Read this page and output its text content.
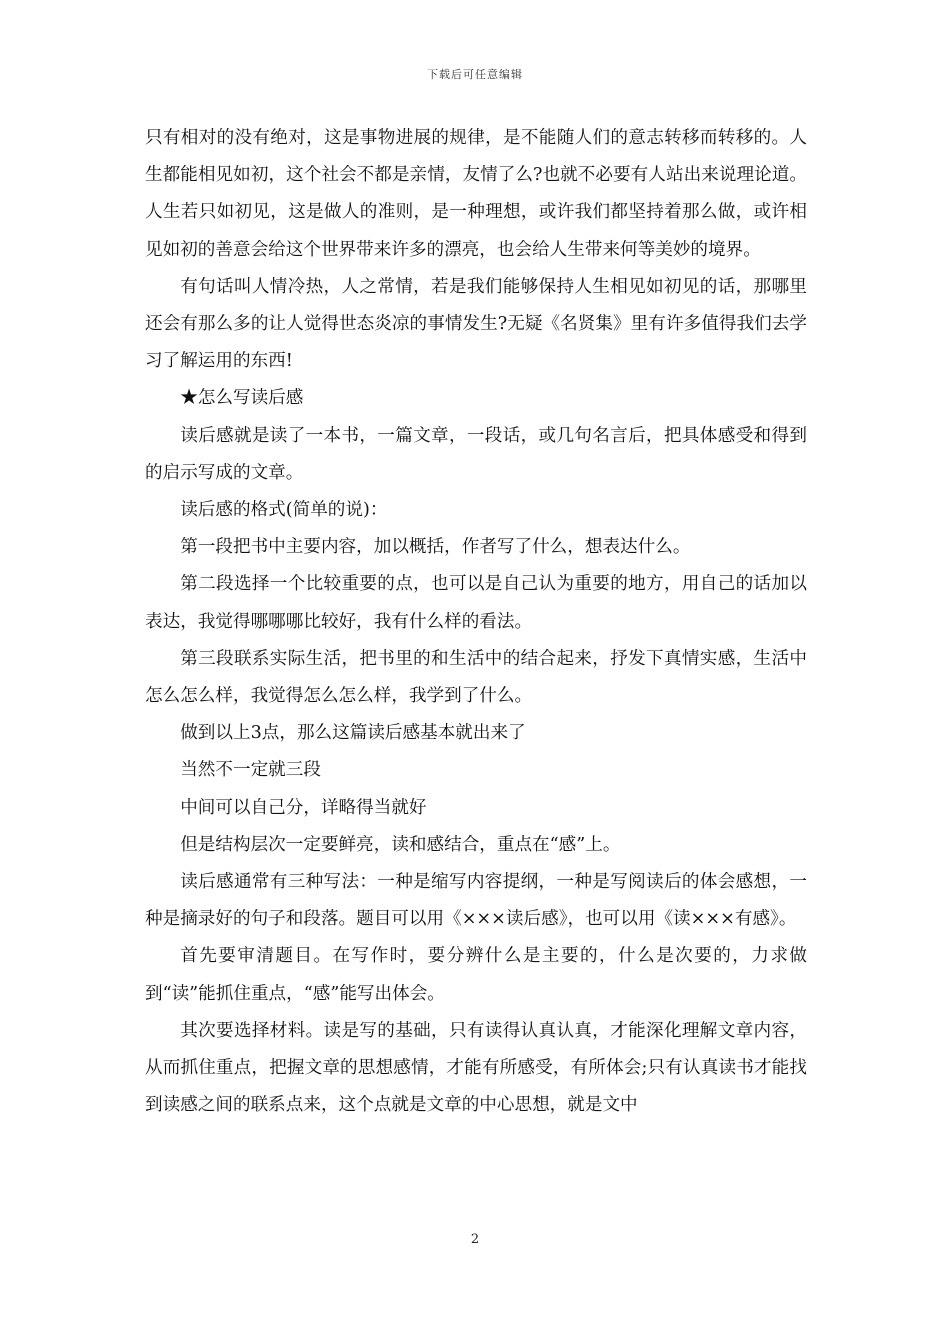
下载后可任意编辑

只有相对的没有绝对，这是事物进展的规律，是不能随人们的意志转移而转移的。人生都能相见如初，这个社会不都是亲情，友情了么?也就不必要有人站出来说理论道。人生若只如初见，这是做人的准则，是一种理想，或许我们都坚持着那么做，或许相见如初的善意会给这个世界带来许多的漂亮，也会给人生带来何等美妙的境界。

有句话叫人情冷热，人之常情，若是我们能够保持人生相见如初见的话，那哪里还会有那么多的让人觉得世态炎凉的事情发生?无疑《名贤集》里有许多值得我们去学习了解运用的东西!

★怎么写读后感

读后感就是读了一本书，一篇文章，一段话，或几句名言后，把具体感受和得到的启示写成的文章。

读后感的格式(简单的说)：

第一段把书中主要内容，加以概括，作者写了什么，想表达什么。

第二段选择一个比较重要的点，也可以是自己认为重要的地方，用自己的话加以表达，我觉得哪哪哪比较好，我有什么样的看法。

第三段联系实际生活，把书里的和生活中的结合起来，抒发下真情实感，生活中怎么怎么样，我觉得怎么怎么样，我学到了什么。

做到以上3点，那么这篇读后感基本就出来了

当然不一定就三段

中间可以自己分，详略得当就好

但是结构层次一定要鲜亮，读和感结合，重点在“感”上。

读后感通常有三种写法：一种是缩写内容提纲，一种是写阅读后的体会感想，一种是摘录好的句子和段落。题目可以用《×××读后感》，也可以用《读×××有感》。

首先要审清题目。在写作时，要分辨什么是主要的，什么是次要的，力求做到“读”能抓住重点，“感”能写出体会。

其次要选择材料。读是写的基础，只有读得认真认真，才能深化理解文章内容，从而抓住重点，把握文章的思想感情，才能有所感受，有所体会;只有认真读书才能找到读感之间的联系点来，这个点就是文章的中心思想，就是文中

2
